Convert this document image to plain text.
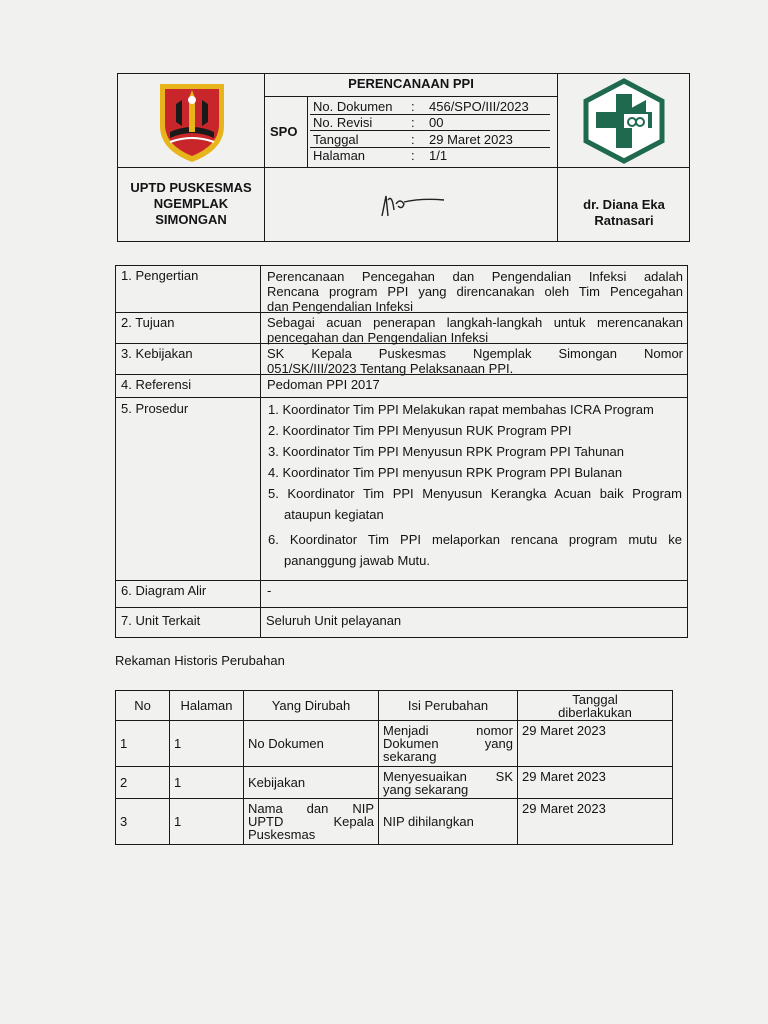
PERENCANAAN PPI
SPO
No. Dokumen : 456/SPO/III/2023
No. Revisi	: 00
Tanggal	: 29 Maret 2023
Halaman	: 1/1
UPTD PUSKESMAS
NGEMPLAK
SIMONGAN
dr. Diana Eka
Ratnasari
1. Pengertian	Perencanaan Pencegahan dan Pengendalian Infeksi adalah
Rencana program PPI yang direncanakan oleh Tim Pencegahan
dan Pengendalian Infeksi
2. Tujuan	Sebagai acuan penerapan langkah-langkah untuk merencanakan
pencegahan dan Pengendalian Infeksi
3. Kebijakan	SK Kepala Puskesmas Ngemplak Simongan Nomor
051/SK/III/2023 Tentang Pelaksanaan PPI.
4. Referensi	Pedoman PPI 2017
5. Prosedur	1. Koordinator Tim PPI Melakukan rapat membahas ICRA Program
2. Koordinator Tim PPI Menyusun RUK Program PPI
3. Koordinator Tim PPI Menyusun RPK Program PPI Tahunan
4. Koordinator Tim PPI menyusun RPK Program PPI Bulanan
5. Koordinator Tim PPI Menyusun Kerangka Acuan baik Program
ataupun kegiatan
6. Koordinator Tim PPI melaporkan rencana program mutu ke
pananggung jawab Mutu.
6. Diagram Alir	-
7. Unit Terkait	Seluruh Unit pelayanan
Rekaman Historis Perubahan
No	Halaman	Yang Dirubah	Isi Perubahan	Tanggal
diberlakukan

1	1	No Dokumen	Menjadi nomor
Dokumen yang
sekarang	29 Maret 2023
2	1	Kebijakan	Menyesuaikan SK
yang sekarang	29 Maret 2023
3	1	Nama dan NIP
UPTD Kepala
Puskesmas	NIP dihilangkan	29 Maret 2023
